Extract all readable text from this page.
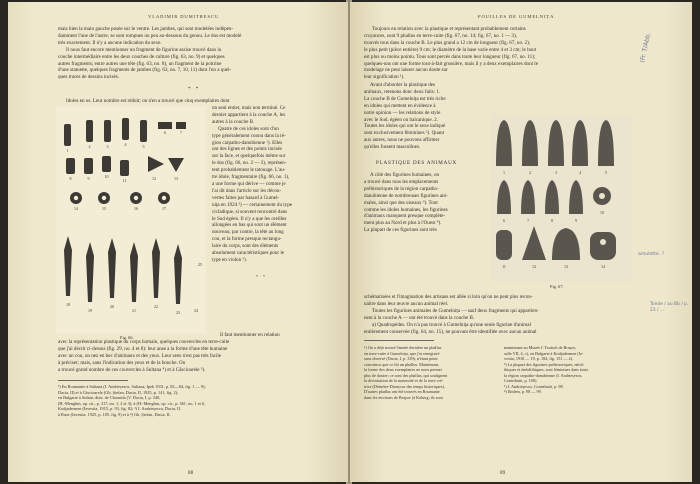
VLADIMIR DUMITRESCU
mais bien la main gauche posée sur le ventre. Les jambes, qui sont modelées indépen-
damment l'une de l'autre, se sont rompues un peu au-dessous du genou. Le dos est modelé
très exactement. Il n'y a aucune indication du sexe.
Il nous faut encore mentionner un fragment de figurine assise trouvé dans la
couche intermédiaire entre les deux couches de culture (fig. 63, no. 9) et quelques
autres fragments; entre autres une tête (fig. 63, no. 8), un fragment de la poitrine
d'une statuette, quelques fragments de jambes (fig. 63, no. 7, 10, 11) dont l'un a quel-
ques traces de dessins incisés.
* *
Idoles en os. Leur nombre est réduit; on n'en a trouvé que cinq exemplaires dont
1
2	3	4	5
6	7
8	9	10
11	12	13
14	15	16	17
18
19
20
21
22
23	24
25
Fig. 66.
un seul entier, mais non terminé. Ce
dernier appartient à la couche A, les
autres à la couche B.
Quatre de ces idoles sont d'un
type généralement connu dans la ré-
gion carpatho-danubienne ¹). Elles
ont des lignes et des points incisés
sur la face, et quelquefois même sur
le dos (fig. 66, no. 2 — 3), représen-
tent probablement le tatouage. L'au-
tre idole, fragmentaire (fig. 66, no. 1),
a une forme qui dérive — comme je
l'ai dit dans l'article sur les décou-
vertes faites par hasard à Gumel-
nița en 1924 ²) — certainement du type
cicladique, si souvent rencontré dans
le Sud égéen. Il n'y a que les oreilles
allongées en bas qui sont un élément
nouveau; par contre, la tête au long
cou, et la forme presque rectangu-
laire du corps, sont des éléments
absolument caractéristiques pour le
type en violon ³).
* *
Il faut mentionner en relation
avec la représentation plastique du corps humain, quelques couvercles en terre-cuite
que j'ai décrit ci-dessus (fig. 29, no. 4 et 8): leur anse a la forme d'une tête humaine
avec un cou, un nez en bec d'animaux et des yeux. Leur sens n'est pas très facile
à préciser; mais, sans l'indication des yeux et de la bouche. On
a trouvé grand nombre de ces couvercles à Sultana ⁴) et à Căscioarele ⁵).
¹) En Roumanie à Sultana (I. Andrieșescu, Sultana, Ipek 1931, p. 82—84, fig. 1 — 9);
Dacia, II) et à Căscioarele (Gh. Ștefan, Dacia, II, 1925, p. 141, fig. 2);
en Bulgarie à Sultan, distr. de Choumla (V. Dacia, I, p. 340,
(H.-Menghin, op. cit., p. 317, no. 1, 2 et 3); à (H.-Menghin, op. cit., p. 361, no. 1 et 6,
Kodjadermen (Izvestia, 1915, p. 93, fig. 82; ³) I. Andrieșescu, Dacia, II.
à Ruse (Izvestia, 1925, p. 105, fig. 9) et à ⁴) Gh. Ștefan, Dacia, II.
88
FOUILLES DE GUMELNIȚA
Toujours en relation avec la plastique et représentant probablement certains
croyances, sont 9 phallus en terre-cuite (fig. 67, no. 14; fig. 67, no. 1 — 3),
trouvés tous dans la couche B. Le plus grand a 12 cm de longueur (fig. 67, no. 2),
le plus petit (pièce entière) 9 cm; le diamètre de la base varie entre 4 et 3 cm; le bout
est plus ou moins pointu. Tous sont percés dans toute leur longueur (fig. 67, no. 11);
quelques-uns ont une forme tout-à-fait grossière, mais il y a deux exemplaires dont le
modelage ne peut laisser aucun doute sur
leur signification ¹).
Avant d'aborder la plastique des
animaux, retenons donc deux faits: 1.
La couche B de Gumelnița est très riche
en idoles qui mettent en évidence à
notre opinion — les relations de style
avec le Sud, égéen ou balcanique. 2.
Toutes les idoles qui ont le sexe indiqué
sont exclusivement féminines ²). Quant
aux autres, nous ne pouvons affirmer
qu'elles fussent masculines.
PLASTIQUE DES ANIMAUX
A côté des figurines humaines, on
a trouvé dans tous les emplacements
préhistoriques de la région carpatho-
danubienne de nombreuses figurines ani-
males, ainsi que des oiseaux ³). Tout
comme les idoles humaines, les figurines
d'animaux manquent presque complète-
ment plus au Nord et plus à l'Ouest ⁴).
La plupart de ces figurines sont très
1	2	3	4	5
6	7	8	9
10
11	12	13	14
Fig. 67.
schématisées et l'imagination des artisans est allée si loin qu'on ne peut plus recon-
naître dans leur œuvre aucun animal réel.
Toutes les figurines animales de Gumelnița — sauf deux fragments qui appartien-
nent à la couche A — ont été trouvé dans la couche B.
a) Quadrupèdes. On n'a pas trouvé à Gumelnița qu'une seule figurine d'animal
entièrement conservée (fig. 64, no. 15), ne pouvant être identifiée avec aucun animal
¹) On a déjà trouvé l'année dernière un phallus
en terre-cuite à Gumelnița, que j'ai enregistré
sans observé (Dacia, I, p. 339), n'étant point
convaincu que ce fût un phallus. Maintenant,
la forme des deux exemplaires ne nous permet
plus de douter; ce sont des phallus, qui soulignent
la divinisation de la maternité et de la terre cré-
trice (Déméter-Dionysos des temps historiques).
D'autres phallus ont été trouvés en Roumanie
dans les environs de Braşov (à Koberg; ils sont
maintenant au Musée J. Teutsch de Brașov,
salle VII, 4, c), en Bulgarie à Kodjadermen (Iz-
vestia, 1918 — 19, p. 184, fig. 151 — 2).
²) La plupart des figurines préhistoriques, néoli-
thiques et énéolithiques, sont féminines dans toute
la région carpatho-danubienne (I. Andrieșescu,
Contributii, p. 100).
³) I. Andrieșescu, Contributii, p. 98.
⁴) Ibidem, p. 98 — 99.
89
(Fr. T/Abb.
amulette. ?
Tonde / au Bb / p. 23 / ...
